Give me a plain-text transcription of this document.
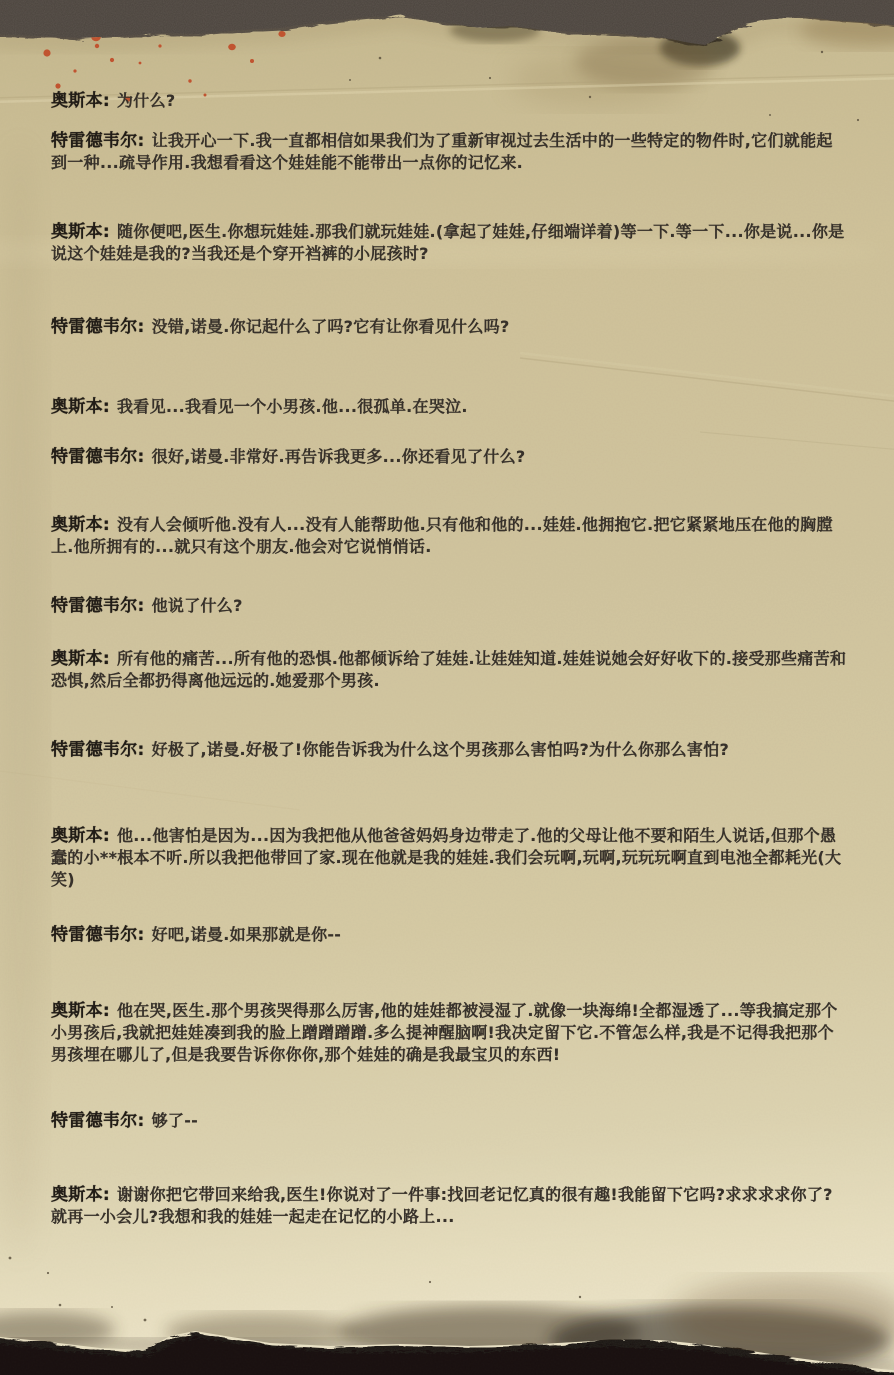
奥斯本: 为什么?

特雷德韦尔: 让我开心一下.我一直都相信如果我们为了重新审视过去生活中的一些特定的物件时,它们就能起到一种...疏导作用.我想看看这个娃娃能不能带出一点你的记忆来.

奥斯本: 随你便吧,医生.你想玩娃娃.那我们就玩娃娃.(拿起了娃娃,仔细端详着)等一下.等一下...你是说...你是说这个娃娃是我的?当我还是个穿开裆裤的小屁孩时?

特雷德韦尔: 没错,诺曼.你记起什么了吗?它有让你看见什么吗?

奥斯本: 我看见...我看见一个小男孩.他...很孤单.在哭泣.

特雷德韦尔: 很好,诺曼.非常好.再告诉我更多...你还看见了什么?

奥斯本: 没有人会倾听他.没有人...没有人能帮助他.只有他和他的...娃娃.他拥抱它.把它紧紧地压在他的胸膛上.他所拥有的...就只有这个朋友.他会对它说悄悄话.

特雷德韦尔: 他说了什么?

奥斯本: 所有他的痛苦...所有他的恐惧.他都倾诉给了娃娃.让娃娃知道.娃娃说她会好好收下的.接受那些痛苦和恐惧,然后全都扔得离他远远的.她爱那个男孩.

特雷德韦尔: 好极了,诺曼.好极了!你能告诉我为什么这个男孩那么害怕吗?为什么你那么害怕?

奥斯本: 他...他害怕是因为...因为我把他从他爸爸妈妈身边带走了.他的父母让他不要和陌生人说话,但那个愚蠢的小**根本不听.所以我把他带回了家.现在他就是我的娃娃.我们会玩啊,玩啊,玩玩玩啊直到电池全都耗光(大笑)

特雷德韦尔: 好吧,诺曼.如果那就是你--

奥斯本: 他在哭,医生.那个男孩哭得那么厉害,他的娃娃都被浸湿了.就像一块海绵!全都湿透了...等我搞定那个小男孩后,我就把娃娃凑到我的脸上蹭蹭蹭蹭.多么提神醒脑啊!我决定留下它.不管怎么样,我是不记得我把那个男孩埋在哪儿了,但是我要告诉你你你,那个娃娃的确是我最宝贝的东西!

特雷德韦尔: 够了--

奥斯本: 谢谢你把它带回来给我,医生!你说对了一件事:找回老记忆真的很有趣!我能留下它吗?求求求求你了?就再一小会儿?我想和我的娃娃一起走在记忆的小路上...
